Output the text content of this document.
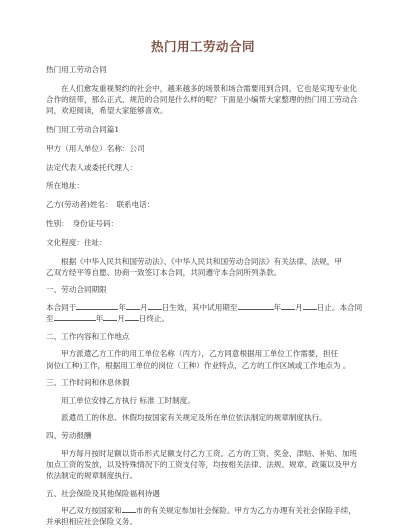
热门用工劳动合同

热门用工劳动合同

在人们愈发重视契约的社会中，越来越多的场景和场合需要用到合同，它也是实现专业化

合作的纽带，那么正式、规范的合同是什么样的呢？下面是小编帮大家整理的热门用工劳动合

同，欢迎阅读，希望大家能够喜欢。

热门用工劳动合同篇1

甲方（用人单位）名称：公司

法定代表人或委托代理人：

所在地址：

乙方(劳动者)姓名：　联系电话：

性别：　身份证号码：

文化程度：住址：

根据《中华人民共和国劳动法》、《中华人民共和国劳动合同法》有关法律、法规，甲

乙双方经平等自愿、协商一致签订本合同，共同遵守本合同所列条款。

一、劳动合同期限

本合同于	年 月 日生效，其中试用期至	年 月 日止。本合同

至	年 月 日终止。

二、工作内容和工作地点

甲方派遣乙方工作的用工单位名称（丙方），乙方同意根据用工单位工作需要，担任

岗位(工种)工作，根据用工单位的岗位（工种）作业特点，乙方的工作区域或工作地点为 。

三、工作时间和休息休假

用工单位安排乙方执行 标准 工时制度。

派遣员工的休息、休假均按国家有关规定及所在单位依法制定的规章制度执行。

四、劳动报酬

甲方每月按时足额以货币形式足额支付乙方工资。乙方的工资、奖金、津贴、补贴、加班

加点工资的发放，以及特殊情况下的工资支付等，均按相关法律、法规、规章、政策以及甲方

依法制定的规章制度执行。

五、社会保险及其他保险福利待遇

甲乙双方按国家和 市的有关规定参加社会保险。甲方为乙方办理有关社会保险手续，

并承担相应社会保险义务。
